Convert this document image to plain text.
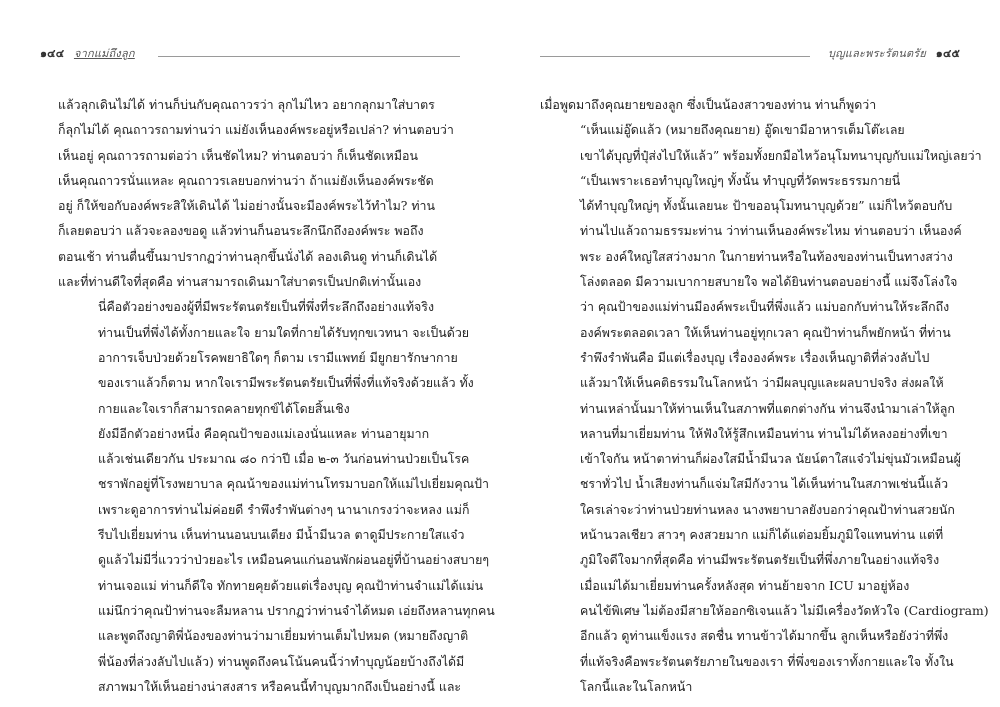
๑๔๔ จากแม่ถึงลูก

แล้วลุกเดินไม่ได้ ท่านก็บ่นกับคุณถาวรว่า ลุกไม่ไหว อยากลุกมาใส่บาตร
ก็ลุกไม่ได้ คุณถาวรถามท่านว่า แม่ยังเห็นองค์พระอยู่หรือเปล่า? ท่านตอบว่า
เห็นอยู่ คุณถาวรถามต่อว่า เห็นชัดไหม? ท่านตอบว่า ก็เห็นชัดเหมือน
เห็นคุณถาวรนั่นแหละ คุณถาวรเลยบอกท่านว่า ถ้าแม่ยังเห็นองค์พระชัด
อยู่ ก็ให้ขอกับองค์พระสิให้เดินได้ ไม่อย่างนั้นจะมีองค์พระไว้ทำไม? ท่าน
ก็เลยตอบว่า แล้วจะลองขอดู แล้วท่านก็นอนระลึกนึกถึงองค์พระ พอถึง
ตอนเช้า ท่านตื่นขึ้นมาปรากฏว่าท่านลุกขึ้นนั่งได้ ลองเดินดู ท่านก็เดินได้
และที่ท่านดีใจที่สุดคือ ท่านสามารถเดินมาใส่บาตรเป็นปกติเท่านั้นเอง

นี่คือตัวอย่างของผู้ที่มีพระรัตนตรัยเป็นที่พึ่งที่ระลึกถึงอย่างแท้จริง
ท่านเป็นที่พึ่งได้ทั้งกายและใจ ยามใดที่กายได้รับทุกขเวทนา จะเป็นด้วย
อาการเจ็บป่วยด้วยโรคพยาธิใดๆ ก็ตาม เรามีแพทย์ มียูกยารักษากาย
ของเราแล้วก็ตาม หากใจเรามีพระรัตนตรัยเป็นที่พึ่งที่แท้จริงด้วยแล้ว ทั้ง
กายและใจเราก็สามารถคลายทุกข์ได้โดยสิ้นเชิง

ยังมีอีกตัวอย่างหนึ่ง คือคุณป้าของแม่เองนั่นแหละ ท่านอายุมาก
แล้วเช่นเดียวกัน ประมาณ ๘๐ กว่าปี เมื่อ ๒-๓ วันก่อนท่านป่วยเป็นโรค
ชราพักอยู่ที่โรงพยาบาล คุณน้าของแม่ท่านโทรมาบอกให้แม่ไปเยี่ยมคุณป้า
เพราะดูอาการท่านไม่ค่อยดี รำพึงรำพันต่างๆ นานาเกรงว่าจะหลง แม่ก็
รีบไปเยี่ยมท่าน เห็นท่านนอนบนเตียง มีน้ำมีนวล ตาดูมีประกายใสแจ๋ว
ดูแล้วไม่มีวี่แววว่าป่วยอะไร เหมือนคนแก่นอนพักผ่อนอยู่ที่บ้านอย่างสบายๆ
ท่านเจอแม่ ท่านก็ดีใจ ทักทายคุยด้วยแต่เรื่องบุญ คุณป้าท่านจำแม่ได้แม่น
แม่นึกว่าคุณป้าท่านจะลืมหลาน ปรากฏว่าท่านจำได้หมด เอ่ยถึงหลานทุกคน
และพูดถึงญาติพี่น้องของท่านว่ามาเยี่ยมท่านเต็มไปหมด (หมายถึงญาติ
พี่น้องที่ล่วงลับไปแล้ว) ท่านพูดถึงคนโน้นคนนี้ว่าทำบุญน้อยบ้างถึงได้มี
สภาพมาให้เห็นอย่างน่าสงสาร หรือคนนี้ทำบุญมากถึงเป็นอย่างนี้ และ

บุญและพระรัตนตรัย ๑๔๕

เมื่อพูดมาถึงคุณยายของลูก ซึ่งเป็นน้องสาวของท่าน ท่านก็พูดว่า

“เห็นแม่อู๊ดแล้ว (หมายถึงคุณยาย) อู๊ดเขามีอาหารเต็มโต๊ะเลย
เขาได้บุญที่ปุ๋ส่งไปให้แล้ว” พร้อมทั้งยกมือไหว้อนุโมทนาบุญกับแม่ใหญ่เลยว่า

“เป็นเพราะเธอทำบุญใหญ่ๆ ทั้งนั้น ทำบุญที่วัดพระธรรมกายนี่
ได้ทำบุญใหญ่ๆ ทั้งนั้นเลยนะ ป้าขออนุโมทนาบุญด้วย” แม่ก็ไหว้ตอบกับ
ท่านไปแล้วถามธรรมะท่าน ว่าท่านเห็นองค์พระไหม ท่านตอบว่า เห็นองค์
พระ องค์ใหญ่ใสสว่างมาก ในกายท่านหรือในท้องของท่านเป็นทางสว่าง
โล่งตลอด มีความเบากายสบายใจ พอได้ยินท่านตอบอย่างนี้ แม่จึงโล่งใจ
ว่า คุณป้าของแม่ท่านมีองค์พระเป็นที่พึ่งแล้ว แม่บอกกับท่านให้ระลึกถึง
องค์พระตลอดเวลา ให้เห็นท่านอยู่ทุกเวลา คุณป้าท่านก็พยักหน้า ที่ท่าน
รำพึงรำพันคือ มีแต่เรื่องบุญ เรื่ององค์พระ เรื่องเห็นญาติที่ล่วงลับไป
แล้วมาให้เห็นคติธรรมในโลกหน้า ว่ามีผลบุญและผลบาปจริง ส่งผลให้
ท่านเหล่านั้นมาให้ท่านเห็นในสภาพที่แตกต่างกัน ท่านจึงนำมาเล่าให้ลูก
หลานที่มาเยี่ยมท่าน ให้ฟังให้รู้สึกเหมือนท่าน ท่านไม่ได้หลงอย่างที่เขา
เข้าใจกัน หน้าตาท่านก็ผ่องใสมีน้ำมีนวล นัยน์ตาใสแจ๋วไม่ขุ่นมัวเหมือนผู้
ชราทั่วไป น้ำเสียงท่านก็แจ่มใสมีกังวาน ได้เห็นท่านในสภาพเช่นนี้แล้ว
ใครเล่าจะว่าท่านป่วยท่านหลง นางพยาบาลยังบอกว่าคุณป้าท่านสวยนัก
หน้านวลเชียว สาวๆ คงสวยมาก แม่ก็ได้แต่อมยิ้มภูมิใจแทนท่าน แต่ที่
ภูมิใจดีใจมากที่สุดคือ ท่านมีพระรัตนตรัยเป็นที่พึ่งภายในอย่างแท้จริง

เมื่อแม่ได้มาเยี่ยมท่านครั้งหลังสุด ท่านย้ายจาก ICU มาอยู่ห้อง
คนไข้พิเศษ ไม่ต้องมีสายให้ออกซิเจนแล้ว ไม่มีเครื่องวัดหัวใจ (Cardiogram)
อีกแล้ว ดูท่านแข็งแรง สดชื่น ทานข้าวได้มากขึ้น ลูกเห็นหรือยังว่าที่พึ่ง
ที่แท้จริงคือพระรัตนตรัยภายในของเรา ที่พึ่งของเราทั้งกายและใจ ทั้งใน
โลกนี้และในโลกหน้า
